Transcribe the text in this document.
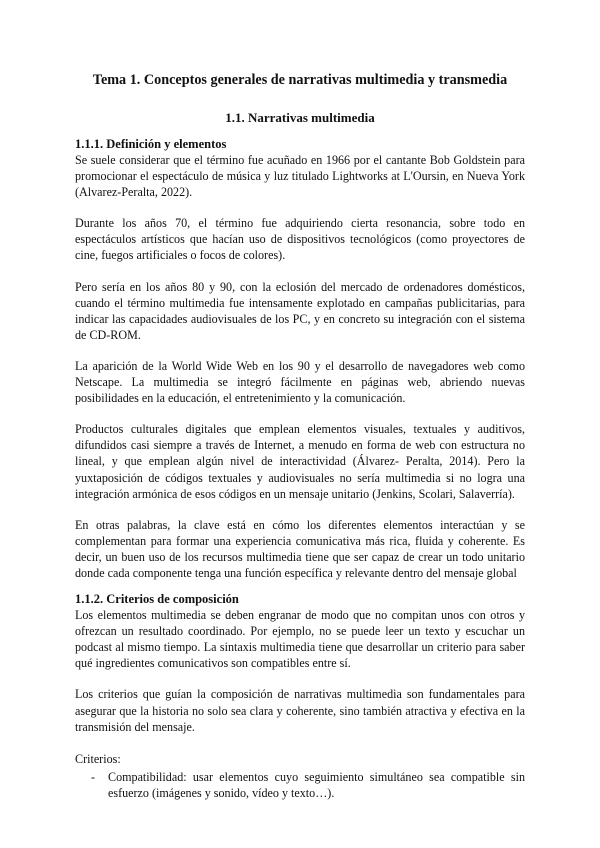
Tema 1. Conceptos generales de narrativas multimedia y transmedia
1.1. Narrativas multimedia
1.1.1. Definición y elementos

Se suele considerar que el término fue acuñado en 1966 por el cantante Bob Goldstein para promocionar el espectáculo de música y luz titulado Lightworks at L'Oursin, en Nueva York (Alvarez-Peralta, 2022).

Durante los años 70, el término fue adquiriendo cierta resonancia, sobre todo en espectáculos artísticos que hacían uso de dispositivos tecnológicos (como proyectores de cine, fuegos artificiales o focos de colores).

Pero sería en los años 80 y 90, con la eclosión del mercado de ordenadores domésticos, cuando el término multimedia fue intensamente explotado en campañas publicitarias, para indicar las capacidades audiovisuales de los PC, y en concreto su integración con el sistema de CD-ROM.

La aparición de la World Wide Web en los 90 y el desarrollo de navegadores web como Netscape. La multimedia se integró fácilmente en páginas web, abriendo nuevas posibilidades en la educación, el entretenimiento y la comunicación.

Productos culturales digitales que emplean elementos visuales, textuales y auditivos, difundidos casi siempre a través de Internet, a menudo en forma de web con estructura no lineal, y que emplean algún nivel de interactividad (Álvarez- Peralta, 2014). Pero la yuxtaposición de códigos textuales y audiovisuales no sería multimedia si no logra una integración armónica de esos códigos en un mensaje unitario (Jenkins, Scolari, Salaverría).

En otras palabras, la clave está en cómo los diferentes elementos interactúan y se complementan para formar una experiencia comunicativa más rica, fluida y coherente. Es decir, un buen uso de los recursos multimedia tiene que ser capaz de crear un todo unitario donde cada componente tenga una función específica y relevante dentro del mensaje global

1.1.2. Criterios de composición

Los elementos multimedia se deben engranar de modo que no compitan unos con otros y ofrezcan un resultado coordinado. Por ejemplo, no se puede leer un texto y escuchar un podcast al mismo tiempo. La sintaxis multimedia tiene que desarrollar un criterio para saber qué ingredientes comunicativos son compatibles entre sí.

Los criterios que guían la composición de narrativas multimedia son fundamentales para asegurar que la historia no solo sea clara y coherente, sino también atractiva y efectiva en la transmisión del mensaje.

Criterios:
- Compatibilidad: usar elementos cuyo seguimiento simultáneo sea compatible sin esfuerzo (imágenes y sonido, vídeo y texto…).
